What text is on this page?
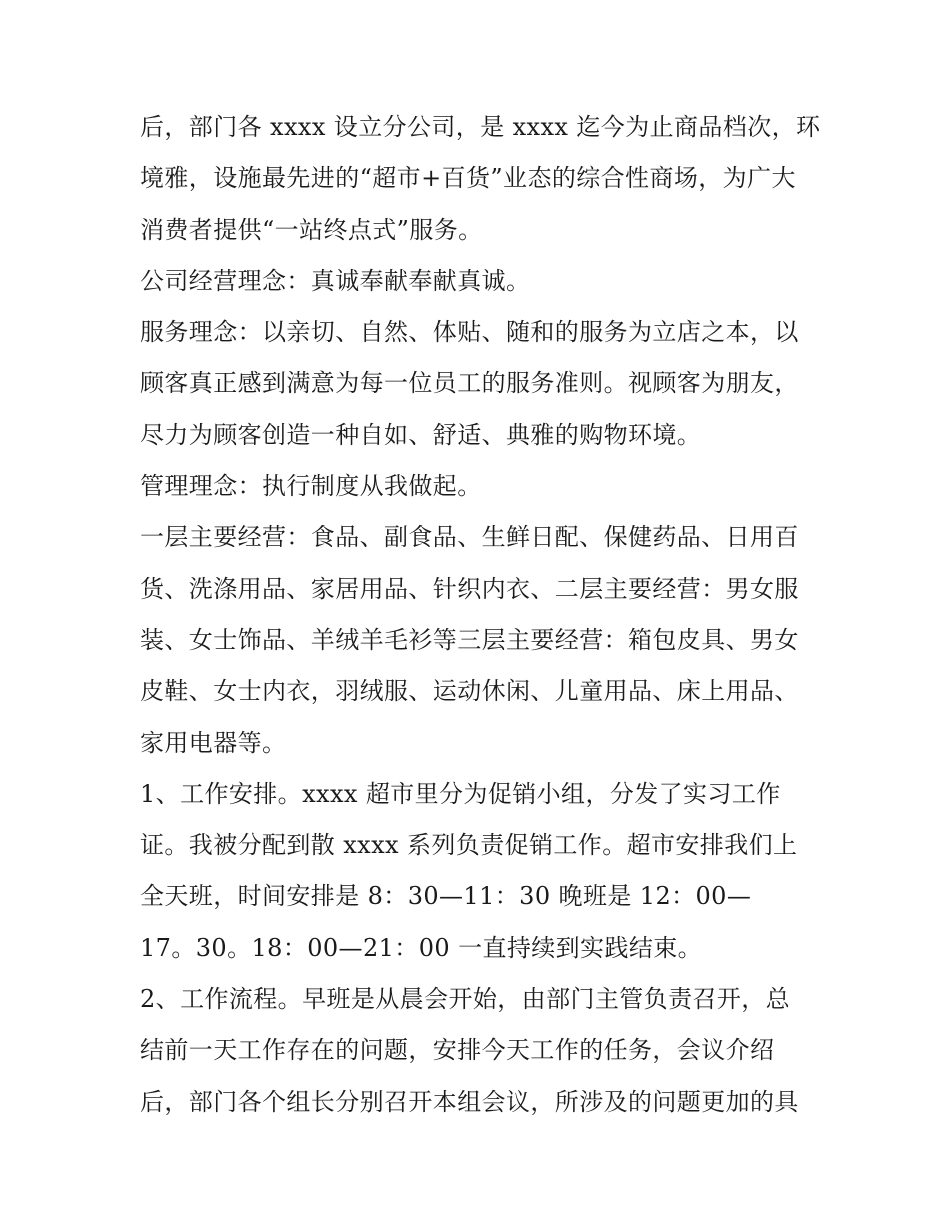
后，部门各 xxxx 设立分公司，是 xxxx 迄今为止商品档次，环
境雅，设施最先进的“超市+百货”业态的综合性商场，为广大
消费者提供“一站终点式”服务。
公司经营理念：真诚奉献奉献真诚。
服务理念：以亲切、自然、体贴、随和的服务为立店之本，以
顾客真正感到满意为每一位员工的服务准则。视顾客为朋友，
尽力为顾客创造一种自如、舒适、典雅的购物环境。
管理理念：执行制度从我做起。
一层主要经营：食品、副食品、生鲜日配、保健药品、日用百
货、洗涤用品、家居用品、针织内衣、二层主要经营：男女服
装、女士饰品、羊绒羊毛衫等三层主要经营：箱包皮具、男女
皮鞋、女士内衣，羽绒服、运动休闲、儿童用品、床上用品、
家用电器等。
1、工作安排。xxxx 超市里分为促销小组，分发了实习工作
证。我被分配到散 xxxx 系列负责促销工作。超市安排我们上
全天班，时间安排是 8：30—11：30 晚班是 12：00—
17。30。18：00—21：00 一直持续到实践结束。
2、工作流程。早班是从晨会开始，由部门主管负责召开，总
结前一天工作存在的问题，安排今天工作的任务，会议介绍
后，部门各个组长分别召开本组会议，所涉及的问题更加的具
